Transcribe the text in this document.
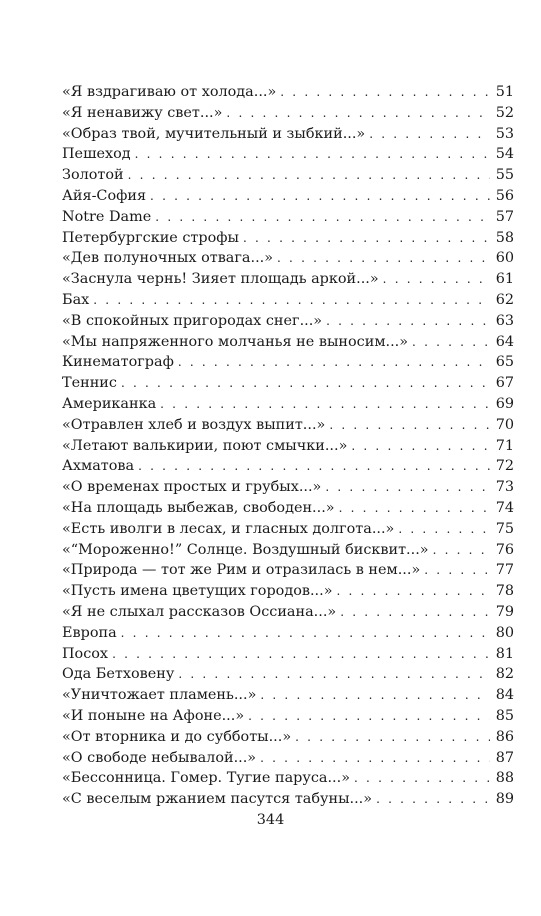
«Я вздрагиваю от холода...» . . .	51
«Я ненавижу свет...» . . .	52
«Образ твой, мучительный и зыбкий...» . . .	53
Пешеход . . .	54
Золотой . . .	55
Айя-София . . .	56
Notre Dame . . .	57
Петербургские строфы . . .	58
«Дев полуночных отвага...» . . .	60
«Заснула чернь! Зияет площадь аркой...» . . .	61
Бах . . .	62
«В спокойных пригородах снег...» . . .	63
«Мы напряженного молчанья не выносим...» . . .	64
Кинематограф . . .	65
Теннис . . .	67
Американка . . .	69
«Отравлен хлеб и воздух выпит...» . . .	70
«Летают валькирии, поют смычки...» . . .	71
Ахматова . . .	72
«О временах простых и грубых...» . . .	73
«На площадь выбежав, свободен...» . . .	74
«Есть иволги в лесах, и гласных долгота...» . . .	75
«“Мороженно!” Солнце. Воздушный бисквит...» . . .	76
«Природа — тот же Рим и отразилась в нем...» . . .	77
«Пусть имена цветущих городов...» . . .	78
«Я не слыхал рассказов Оссиана...» . . .	79
Европа . . .	80
Посох . . .	81
Ода Бетховену . . .	82
«Уничтожает пламень...» . . .	84
«И поныне на Афоне...» . . .	85
«От вторника и до субботы...» . . .	86
«О свободе небывалой...» . . .	87
«Бессонница. Гомер. Тугие паруса...» . . .	88
«С веселым ржанием пасутся табуны...» . . .	89
344
